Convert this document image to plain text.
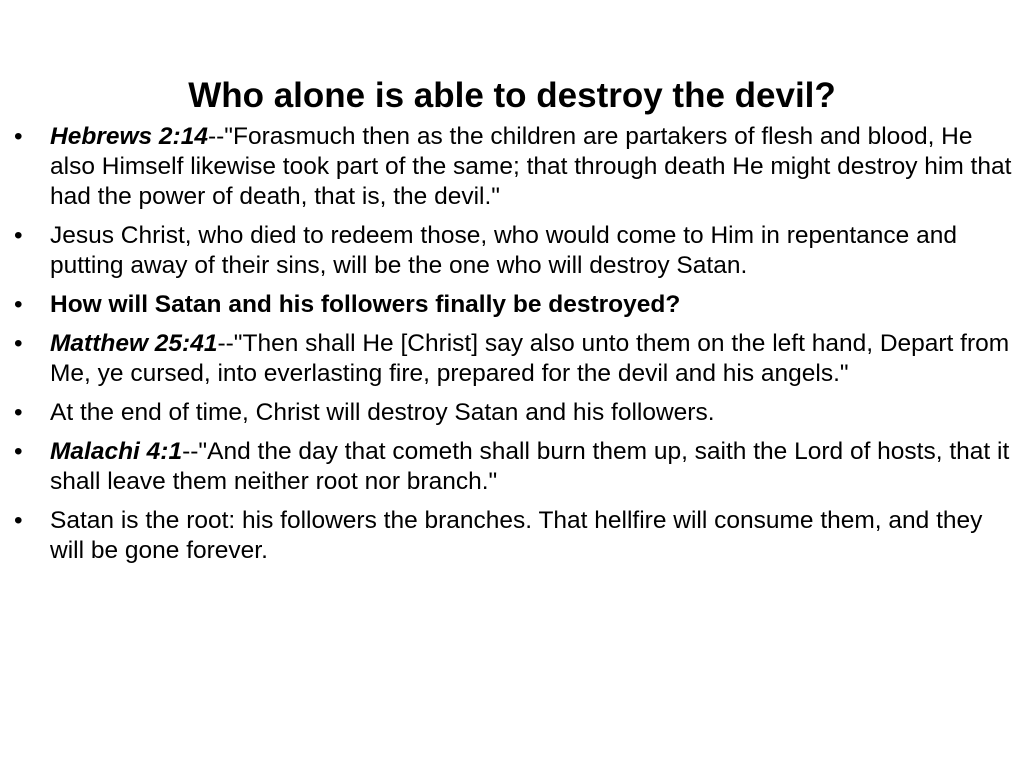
Who alone is able to destroy the devil?
•	Hebrews 2:14--"Forasmuch then as the children are partakers of flesh and blood, He also Himself likewise took part of the same; that through death He might destroy him that had the power of death, that is, the devil."
•	Jesus Christ, who died to redeem those, who would come to Him in repentance and putting away of their sins, will be the one who will destroy Satan.
•	How will Satan and his followers finally be destroyed?
•	Matthew 25:41--"Then shall He [Christ] say also unto them on the left hand, Depart from Me, ye cursed, into everlasting fire, prepared for the devil and his angels."
•	At the end of time, Christ will destroy Satan and his followers.
•	Malachi 4:1--"And the day that cometh shall burn them up, saith the Lord of hosts, that it shall leave them neither root nor branch."
•	Satan is the root: his followers the branches. That hellfire will consume them, and they will be gone forever.
